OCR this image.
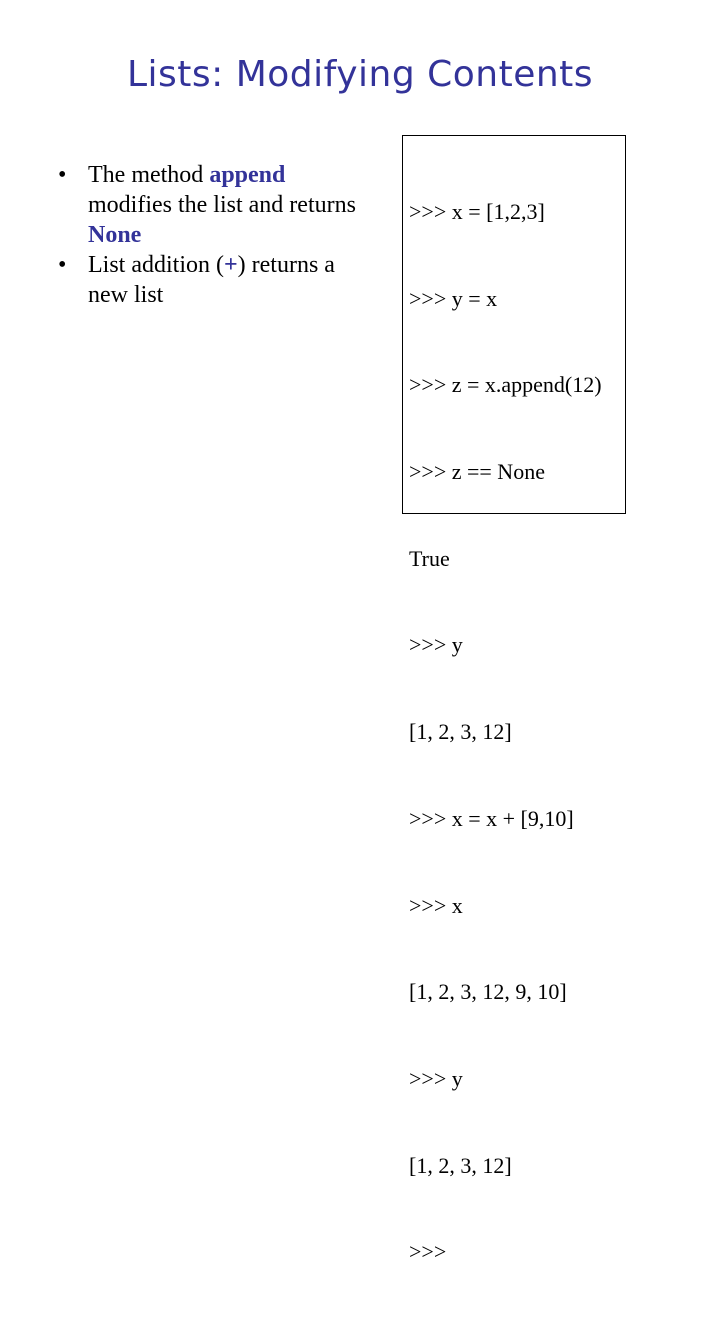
Lists: Modifying Contents
• The method append modifies the list and returns None
• List addition (+) returns a new list

>>> x = [1,2,3]

>>> y = x

>>> z = x.append(12)

>>> z == None

True

>>> y

[1, 2, 3, 12]

>>> x = x + [9,10]

>>> x

[1, 2, 3, 12, 9, 10]

>>> y

[1, 2, 3, 12]

>>>
